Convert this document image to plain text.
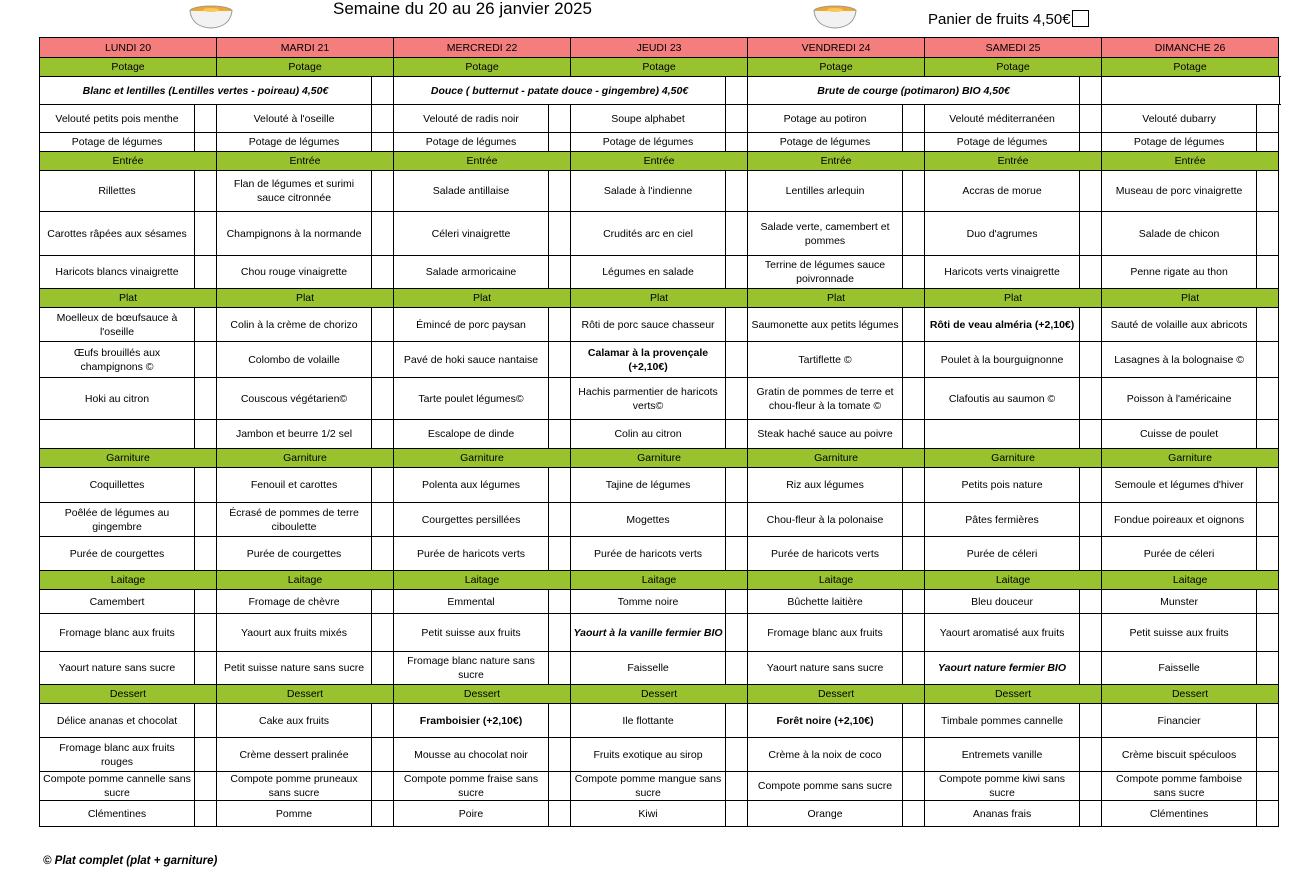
Semaine du 20 au 26 janvier 2025
Panier de fruits 4,50€
LUNDI 20		MARDI 21		MERCREDI 22		JEUDI 23		VENDREDI 24		SAMEDI 25		DIMANCHE 26		
Potage		Potage		Potage		Potage		Potage		Potage		Potage		
Blanc et lentilles (Lentilles vertes - poireau) 4,50€				Douce ( butternut - patate douce - gingembre) 4,50€				Brute de courge (potimaron) BIO 4,50€						
Velouté petits pois menthe		Velouté à l'oseille		Velouté de radis noir		Soupe alphabet		Potage au potiron		Velouté méditerranéen		Velouté dubarry		
Potage de légumes		Potage de légumes		Potage de légumes		Potage de légumes		Potage de légumes		Potage de légumes		Potage de légumes		
Entrée		Entrée		Entrée		Entrée		Entrée		Entrée		Entrée		
Rillettes		Flan de légumes et surimi sauce citronnée		Salade antillaise		Salade à l'indienne		Lentilles arlequin		Accras de morue		Museau de porc vinaigrette		
Carottes râpées aux sésames		Champignons à la normande		Céleri vinaigrette		Crudités arc en ciel		Salade verte, camembert et pommes		Duo d'agrumes		Salade de chicon		
Haricots blancs vinaigrette		Chou rouge vinaigrette		Salade armoricaine		Légumes en salade		Terrine de légumes sauce poivronnade		Haricots verts vinaigrette		Penne rigate au thon		
Plat		Plat		Plat		Plat		Plat		Plat		Plat		
Moelleux de bœufsauce à l'oseille		Colin à la crème de chorizo		Émincé de porc paysan		Rôti de porc sauce chasseur		Saumonette aux petits légumes		Rôti de veau alméria (+2,10€)		Sauté de volaille aux abricots		
Œufs brouillés aux champignons ©		Colombo de volaille		Pavé de hoki sauce nantaise		Calamar à la provençale (+2,10€)		Tartiflette ©		Poulet à la bourguignonne		Lasagnes à la bolognaise ©		
Hoki au citron		Couscous végétarien©		Tarte poulet légumes©		Hachis parmentier de haricots verts©		Gratin de pommes de terre et chou-fleur à la tomate ©		Clafoutis au saumon ©		Poisson à l'américaine		
		Jambon et beurre 1/2 sel		Escalope de dinde		Colin au citron		Steak haché sauce au poivre				Cuisse de poulet		
Garniture		Garniture		Garniture		Garniture		Garniture		Garniture		Garniture		
Coquillettes		Fenouil et carottes		Polenta aux légumes		Tajine de légumes		Riz aux légumes		Petits pois nature		Semoule et légumes d'hiver		
Poêlée de légumes au gingembre		Écrasé de pommes de terre ciboulette		Courgettes persillées		Mogettes		Chou-fleur à la polonaise		Pâtes fermières		Fondue poireaux et oignons		
Purée de courgettes		Purée de courgettes		Purée de haricots verts		Purée de haricots verts		Purée de haricots verts		Purée de céleri		Purée de céleri		
Laitage		Laitage		Laitage		Laitage		Laitage		Laitage		Laitage		
Camembert		Fromage de chèvre		Emmental		Tomme noire		Bûchette laitière		Bleu douceur		Munster		
Fromage blanc aux fruits		Yaourt aux fruits mixés		Petit suisse aux fruits		Yaourt à la vanille fermier BIO		Fromage blanc aux fruits		Yaourt aromatisé aux fruits		Petit suisse aux fruits		
Yaourt nature sans sucre		Petit suisse nature sans sucre		Fromage blanc nature sans sucre		Faisselle		Yaourt nature sans sucre		Yaourt nature fermier BIO		Faisselle		
Dessert		Dessert		Dessert		Dessert		Dessert		Dessert		Dessert		
Délice ananas et chocolat		Cake aux fruits		Framboisier (+2,10€)		Ile flottante		Forêt noire (+2,10€)		Timbale pommes cannelle		Financier		
Fromage blanc aux fruits rouges		Crème dessert pralinée		Mousse au chocolat noir		Fruits exotique au sirop		Crème à la noix de coco		Entremets vanille		Crème biscuit spéculoos		
Compote pomme cannelle sans sucre		Compote pomme pruneaux sans sucre		Compote pomme fraise sans sucre		Compote pomme mangue sans sucre		Compote pomme sans sucre		Compote pomme kiwi sans sucre		Compote pomme famboise sans sucre		
Clémentines		Pomme		Poire		Kiwi		Orange		Ananas frais		Clémentines		
© Plat complet (plat + garniture)
